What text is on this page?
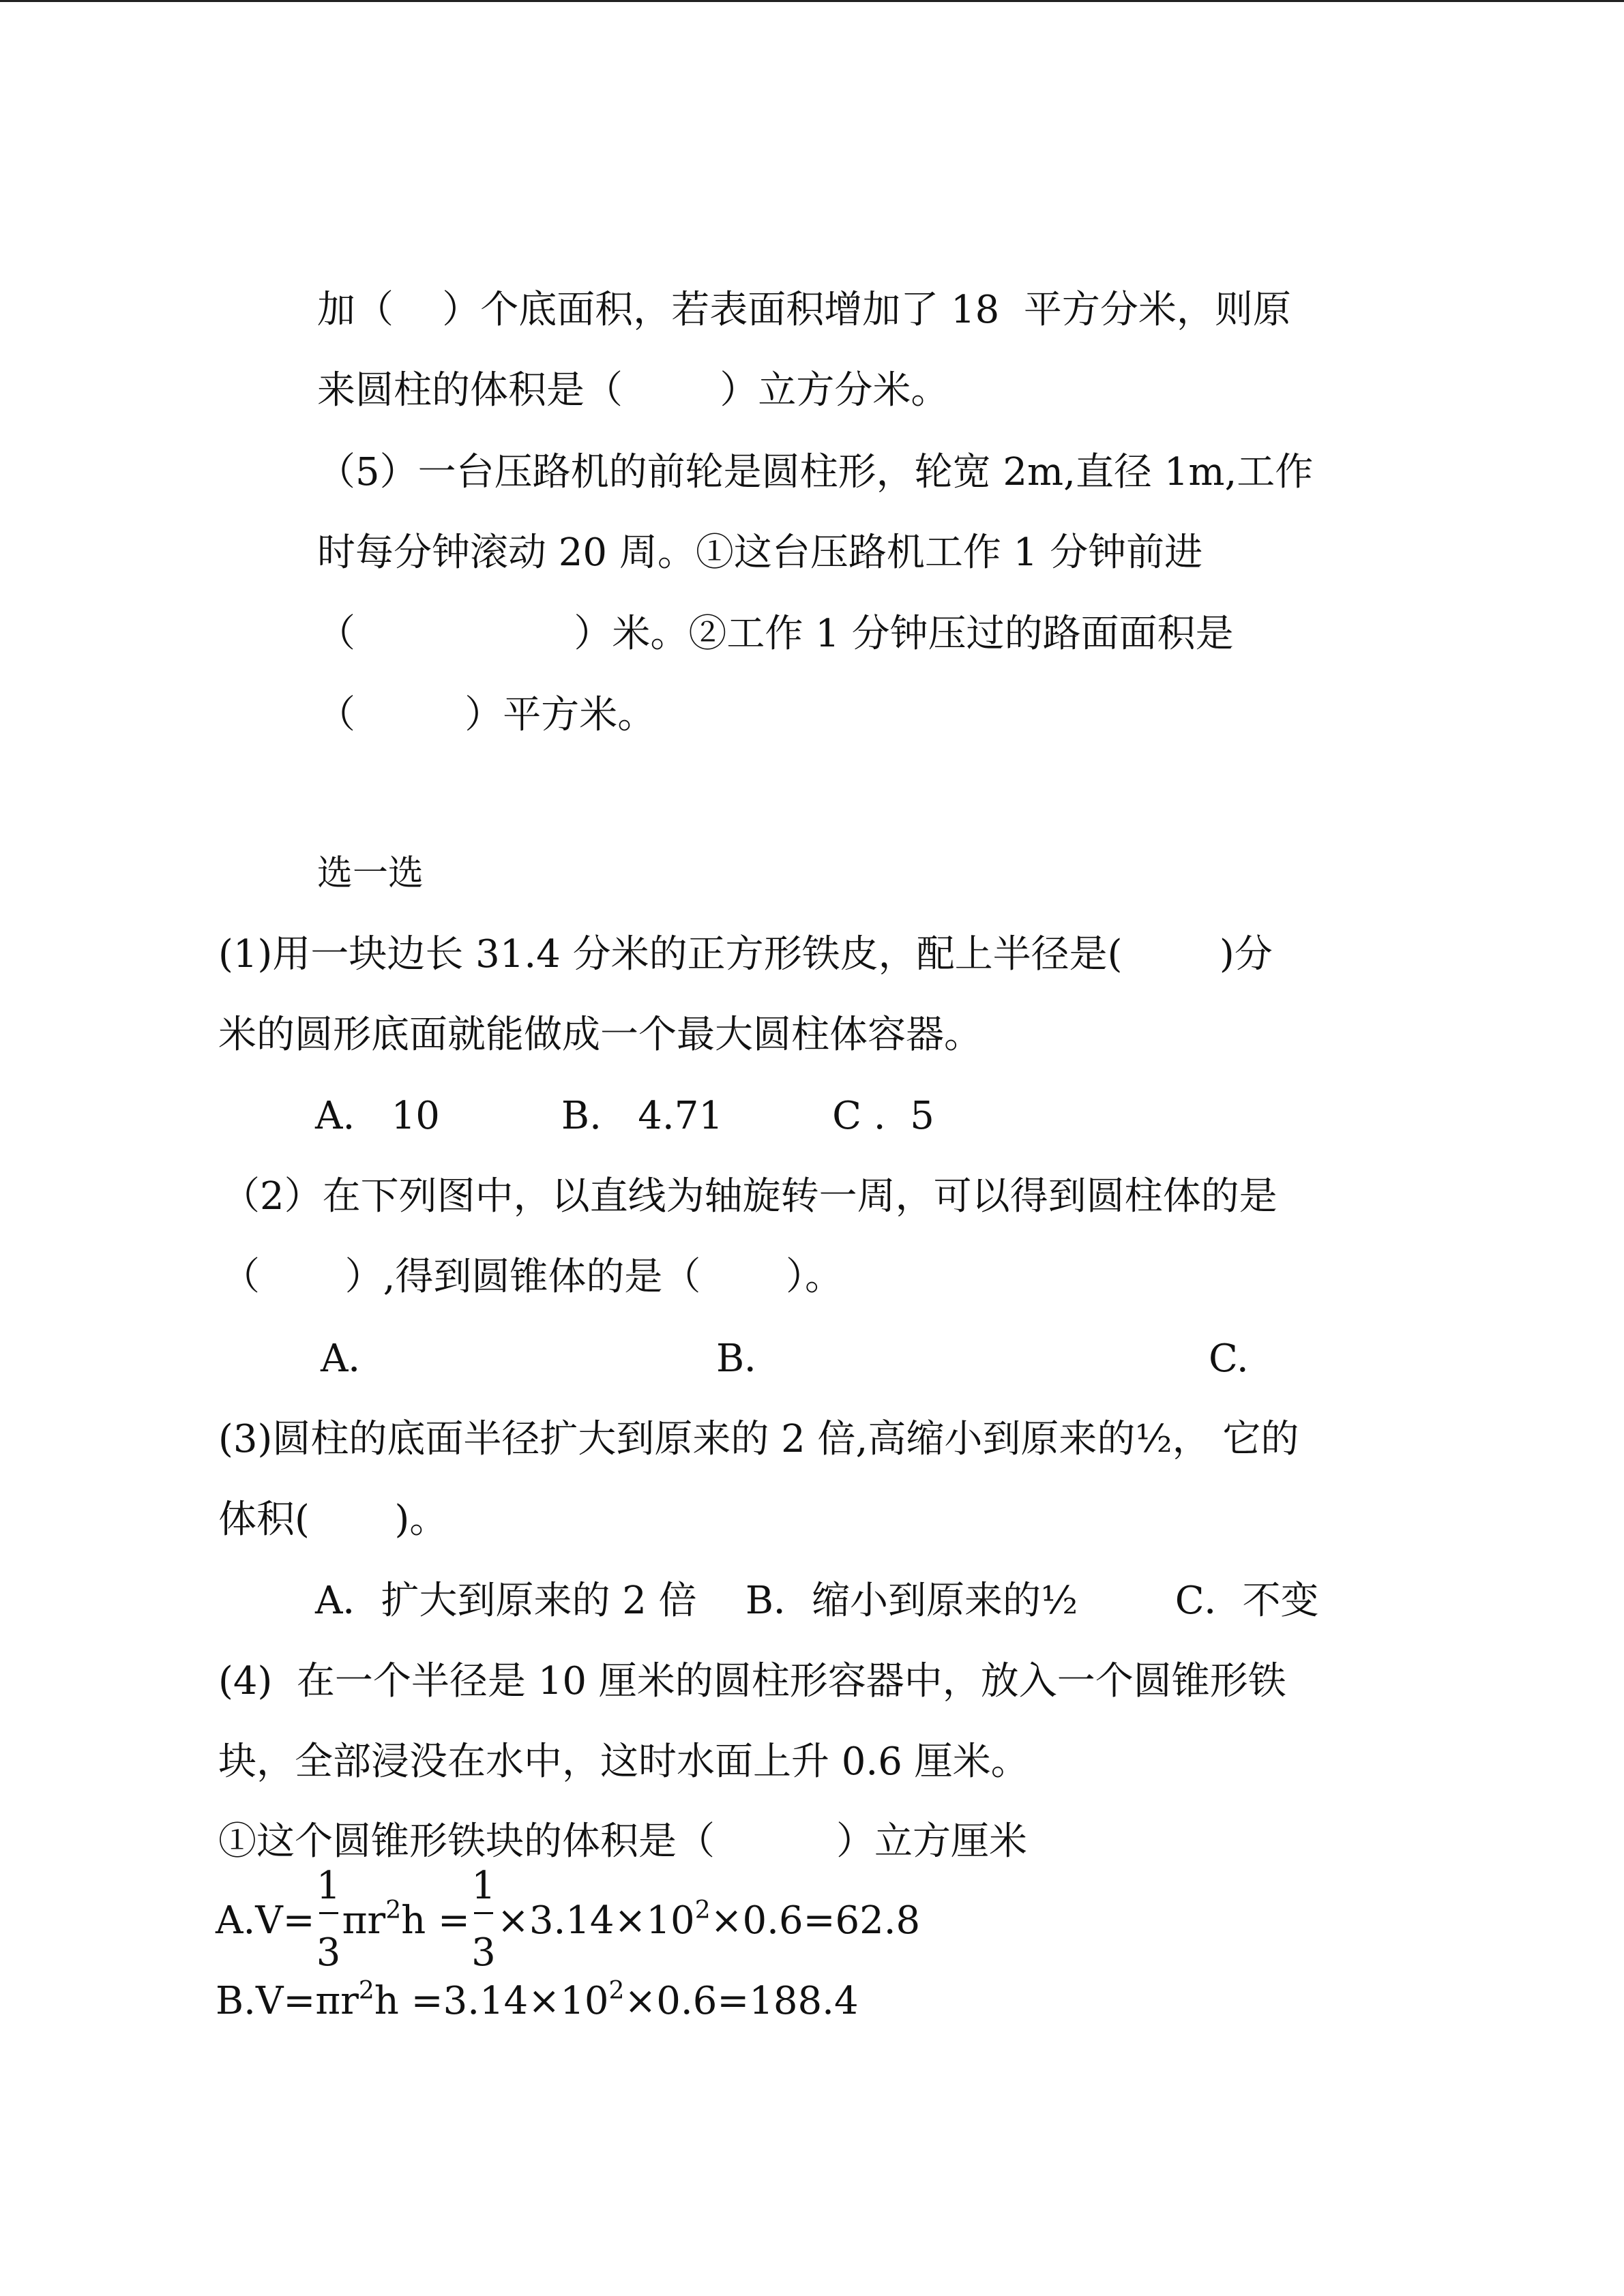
加（    ）个底面积，若表面积增加了 18  平方分米，则原
来圆柱的体积是（        ）立方分米。
（5）一台压路机的前轮是圆柱形，轮宽 2m,直径 1m,工作
时每分钟滚动 20 周。①这台压路机工作 1 分钟前进
（                  ）米。②工作 1 分钟压过的路面面积是
（         ）平方米。
选一选
(1)用一块边长 31.4 分米的正方形铁皮，配上半径是(        )分
米的圆形底面就能做成一个最大圆柱体容器。
A.   10          B.   4.71         C .  5
（2）在下列图中，以直线为轴旋转一周，可以得到圆柱体的是
（       ）,得到圆锥体的是（       ）。
A．	B．	C.
(3)圆柱的底面半径扩大到原来的 2 倍,高缩小到原来的½， 它的
体积(       )。
A．扩大到原来的 2 倍    B．缩小到原来的½        C．不变
(4)  在一个半径是 10 厘米的圆柱形容器中，放入一个圆锥形铁
块，全部浸没在水中，这时水面上升 0.6 厘米。
①这个圆锥形铁块的体积是（          ）立方厘米
$A.V= \frac{1}{3} \pi r^2h = \frac{1}{3} \times 3.14\times 10^2\times 0.6=62.8$
$B.V=\pi r^2h =3.14\times 10^2\times 0.6=188.4$
